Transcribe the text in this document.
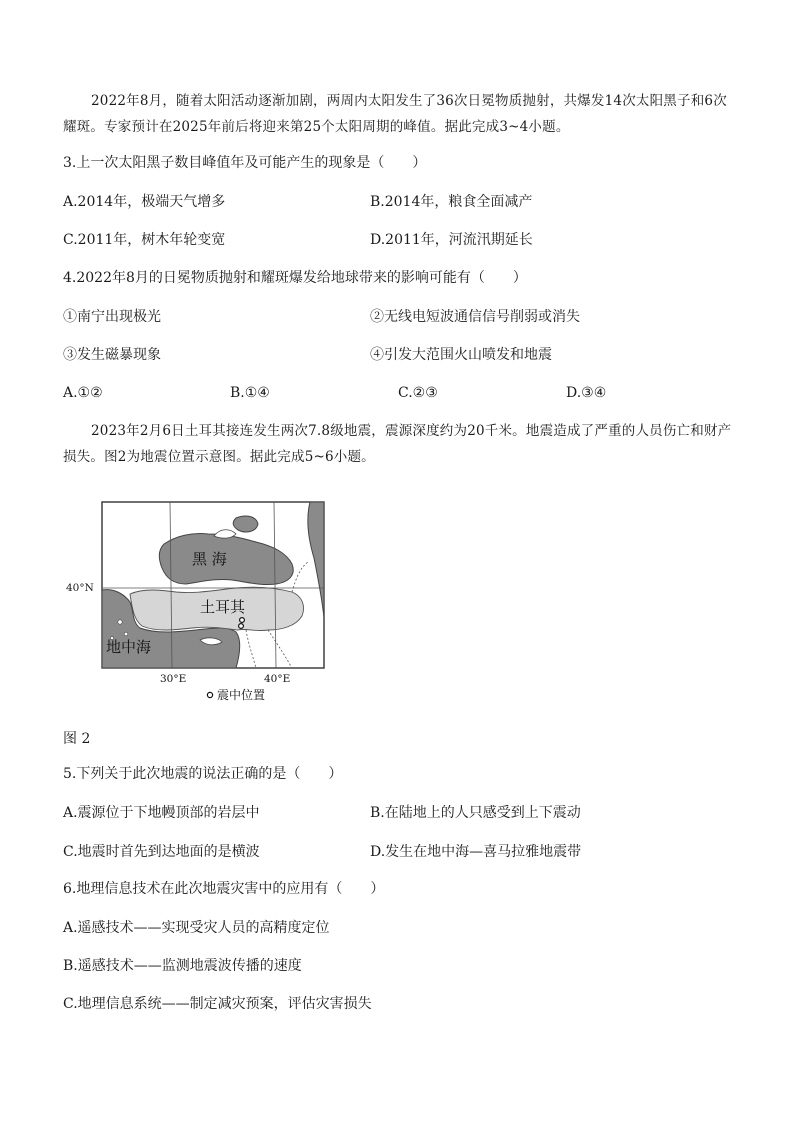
2022年8月，随着太阳活动逐渐加剧，两周内太阳发生了36次日冕物质抛射，共爆发14次太阳黑子和6次耀斑。专家预计在2025年前后将迎来第25个太阳周期的峰值。据此完成3~4小题。
3.上一次太阳黑子数目峰值年及可能产生的现象是（　　）
A.2014年，极端天气增多	B.2014年，粮食全面减产
C.2011年，树木年轮变宽	D.2011年，河流汛期延长
4.2022年8月的日冕物质抛射和耀斑爆发给地球带来的影响可能有（　　）
①南宁出现极光	②无线电短波通信信号削弱或消失
③发生磁暴现象	④引发大范围火山喷发和地震
A.①②	B.①④	C.②③	D.③④
2023年2月6日土耳其接连发生两次7.8级地震，震源深度约为20千米。地震造成了严重的人员伤亡和财产损失。图2为地震位置示意图。据此完成5~6小题。
黑 海
土耳其
地中海
30°E	40°E
震中位置
40°N
图 2
5.下列关于此次地震的说法正确的是（　　）
A.震源位于下地幔顶部的岩层中	B.在陆地上的人只感受到上下震动
C.地震时首先到达地面的是横波	D.发生在地中海—喜马拉雅地震带
6.地理信息技术在此次地震灾害中的应用有（　　）
A.遥感技术——实现受灾人员的高精度定位
B.遥感技术——监测地震波传播的速度
C.地理信息系统——制定减灾预案，评估灾害损失
